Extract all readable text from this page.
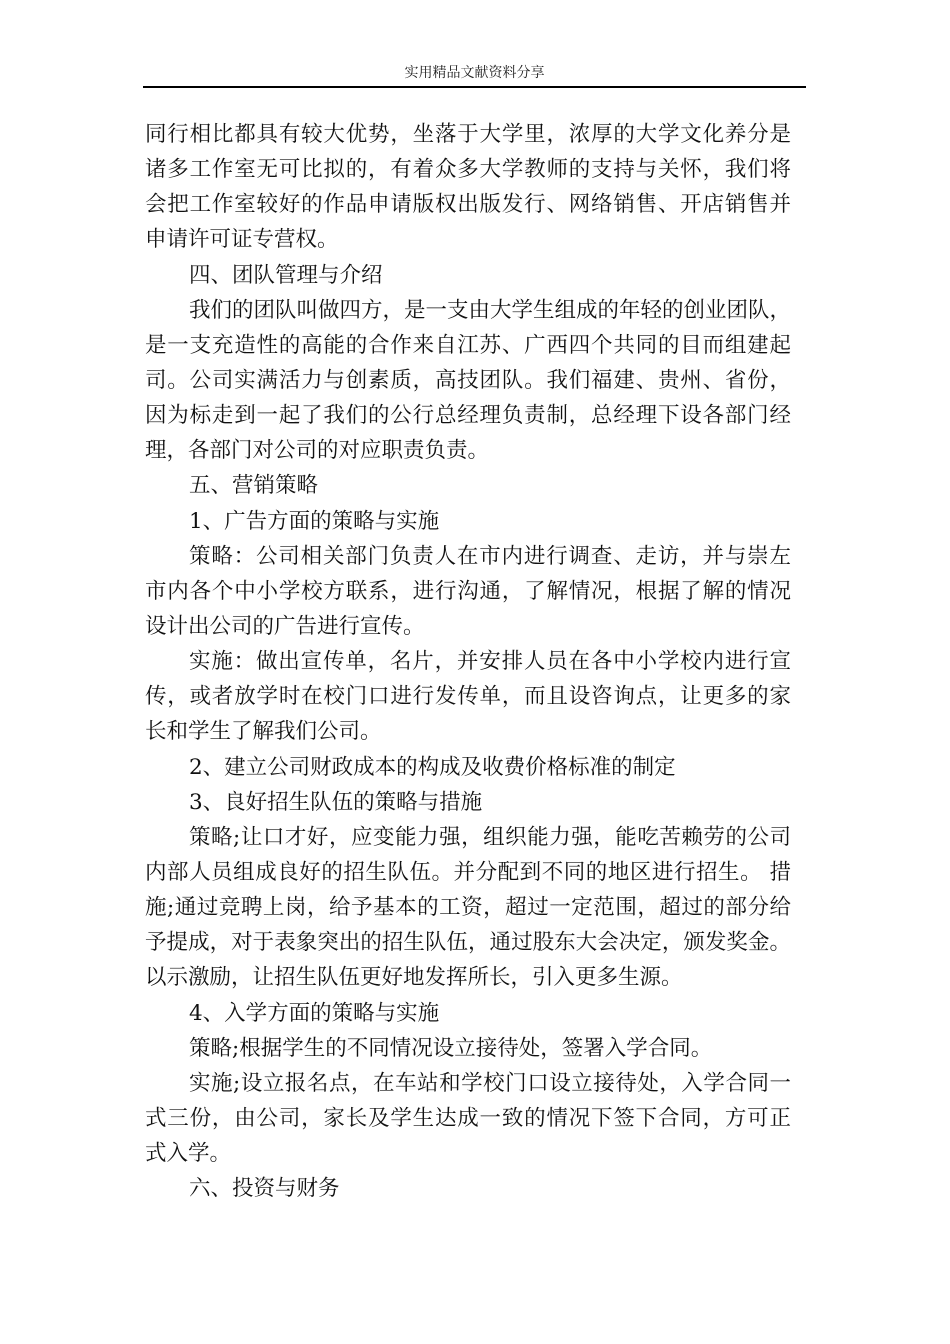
实用精品文献资料分享
同行相比都具有较大优势，坐落于大学里，浓厚的大学文化养分是
诸多工作室无可比拟的，有着众多大学教师的支持与关怀，我们将
会把工作室较好的作品申请版权出版发行、网络销售、开店销售并
申请许可证专营权。
四、团队管理与介绍
我们的团队叫做四方，是一支由大学生组成的年轻的创业团队，
是一支充造性的高能的合作来自江苏、广西四个共同的目而组建起
司。公司实满活力与创素质，高技团队。我们福建、贵州、省份，
因为标走到一起了我们的公行总经理负责制，总经理下设各部门经
理，各部门对公司的对应职责负责。
五、营销策略
1、广告方面的策略与实施
策略：公司相关部门负责人在市内进行调查、走访，并与崇左
市内各个中小学校方联系，进行沟通，了解情况，根据了解的情况
设计出公司的广告进行宣传。
实施：做出宣传单，名片，并安排人员在各中小学校内进行宣
传，或者放学时在校门口进行发传单，而且设咨询点，让更多的家
长和学生了解我们公司。
2、建立公司财政成本的构成及收费价格标准的制定
3、良好招生队伍的策略与措施
策略;让口才好，应变能力强，组织能力强，能吃苦赖劳的公司
内部人员组成良好的招生队伍。并分配到不同的地区进行招生。 措
施;通过竞聘上岗，给予基本的工资，超过一定范围，超过的部分给
予提成，对于表象突出的招生队伍，通过股东大会决定，颁发奖金。
以示激励，让招生队伍更好地发挥所长，引入更多生源。
4、入学方面的策略与实施
策略;根据学生的不同情况设立接待处，签署入学合同。
实施;设立报名点，在车站和学校门口设立接待处，入学合同一
式三份，由公司，家长及学生达成一致的情况下签下合同，方可正
式入学。
六、投资与财务
